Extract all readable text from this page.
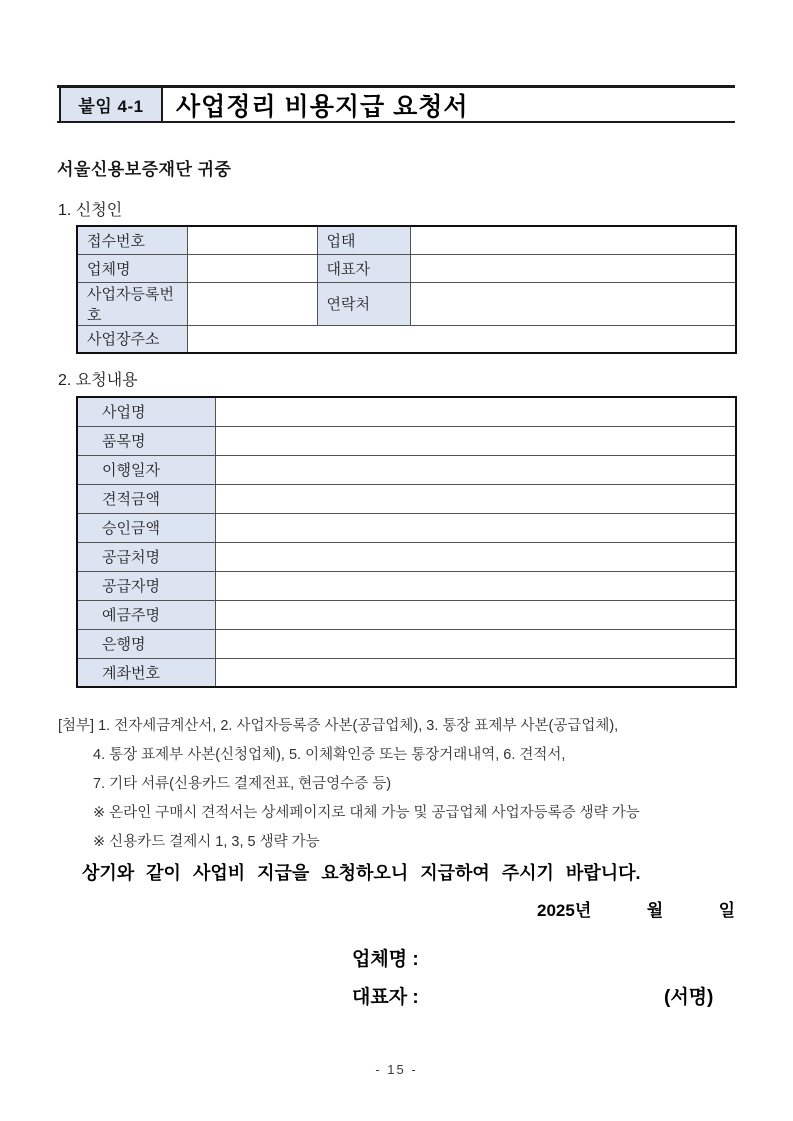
붙임 4-1	사업정리 비용지급 요청서
서울신용보증재단 귀중
1. 신청인
접수번호		업태	
업체명		대표자	
사업자등록번호		연락처	
사업장주소			
2. 요청내용
사업명	
품목명	
이행일자	
견적금액	
승인금액	
공급처명	
공급자명	
예금주명	
은행명	
계좌번호	
[첨부] 1. 전자세금계산서, 2. 사업자등록증 사본(공급업체), 3. 통장 표제부 사본(공급업체),
4. 통장 표제부 사본(신청업체), 5. 이체확인증 또는 통장거래내역, 6. 견적서,
7. 기타 서류(신용카드 결제전표, 현금영수증 등)
※ 온라인 구매시 견적서는 상세페이지로 대체 가능 및 공급업체 사업자등록증 생략 가능
※ 신용카드 결제시 1, 3, 5 생략 가능
상기와 같이 사업비 지급을 요청하오니 지급하여 주시기 바랍니다.
2025년	월	일
업체명 :
대표자 :	(서명)
- 15 -
